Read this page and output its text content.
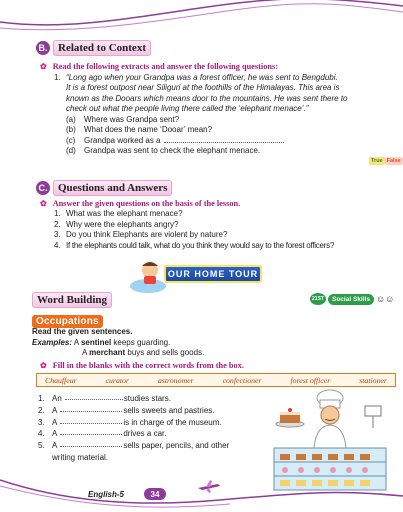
B. Related to Context
✿ Read the following extracts and answer the following questions:
1. “Long ago when your Grandpa was a forest officer, he was sent to Bengdubi.
It is a forest outpost near Siliguri at the foothills of the Himalayas. This area is
known as the Dooars which means door to the mountains. He was sent there to
check out what the people living there called the ‘elephant menace’.”
(a)	Where was Grandpa sent?
(b)	What does the name ‘Dooar’ mean?
(c)	Grandpa worked as a
(d)	Grandpa was sent to check the elephant menace.
True False
C. Questions and Answers
✿ Answer the given questions on the basis of the lesson.
1. What was the elephant menace?
2. Why were the elephants angry?
3. Do you think Elephants are violent by nature?
4. If the elephants could talk, what do you think they would say to the forest officers?
OUR HOME TOUR
Word Building	21ST	Social Skills ☺☺
Occupations
Read the given sentences.
Examples: A sentinel keeps guarding.
A merchant buys and sells goods.
✿ Fill in the blanks with the correct words from the box.
Chauffeur	curator	astronomer	confectioner	forest officer	stationer
1. An	studies stars.
2. A	sells sweets and pastries.
3. A	is in charge of the museum.
4. A	drives a car.
5. A	sells paper, pencils, and other
writing material.
English-5	34
